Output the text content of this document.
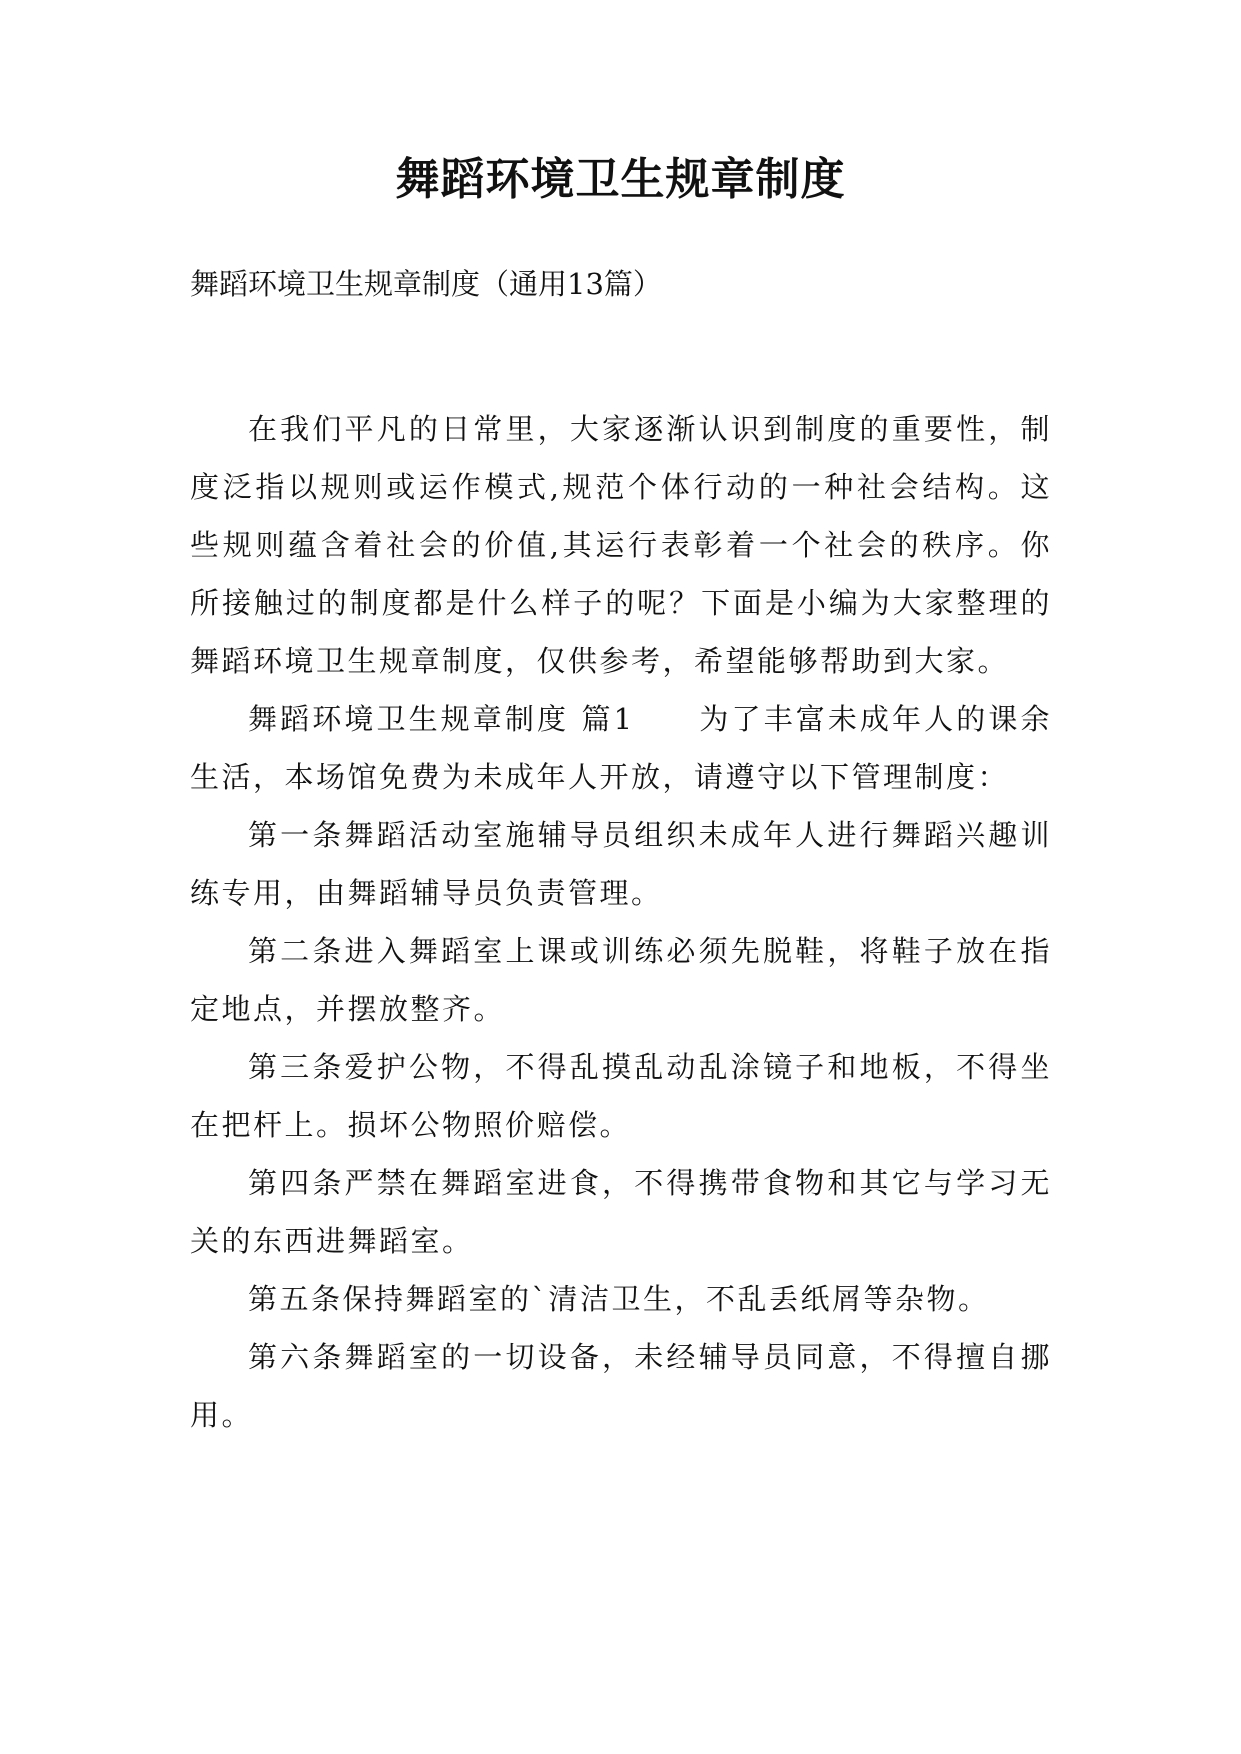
舞蹈环境卫生规章制度

舞蹈环境卫生规章制度（通用13篇）

在我们平凡的日常里，大家逐渐认识到制度的重要性，制度泛指以规则或运作模式,规范个体行动的一种社会结构。这些规则蕴含着社会的价值,其运行表彰着一个社会的秩序。你所接触过的制度都是什么样子的呢？下面是小编为大家整理的舞蹈环境卫生规章制度，仅供参考，希望能够帮助到大家。

舞蹈环境卫生规章制度 篇1　　为了丰富未成年人的课余生活，本场馆免费为未成年人开放，请遵守以下管理制度：

第一条舞蹈活动室施辅导员组织未成年人进行舞蹈兴趣训练专用，由舞蹈辅导员负责管理。

第二条进入舞蹈室上课或训练必须先脱鞋，将鞋子放在指定地点，并摆放整齐。

第三条爱护公物，不得乱摸乱动乱涂镜子和地板，不得坐在把杆上。损坏公物照价赔偿。

第四条严禁在舞蹈室进食，不得携带食物和其它与学习无关的东西进舞蹈室。

第五条保持舞蹈室的`清洁卫生，不乱丢纸屑等杂物。

第六条舞蹈室的一切设备，未经辅导员同意，不得擅自挪用。
